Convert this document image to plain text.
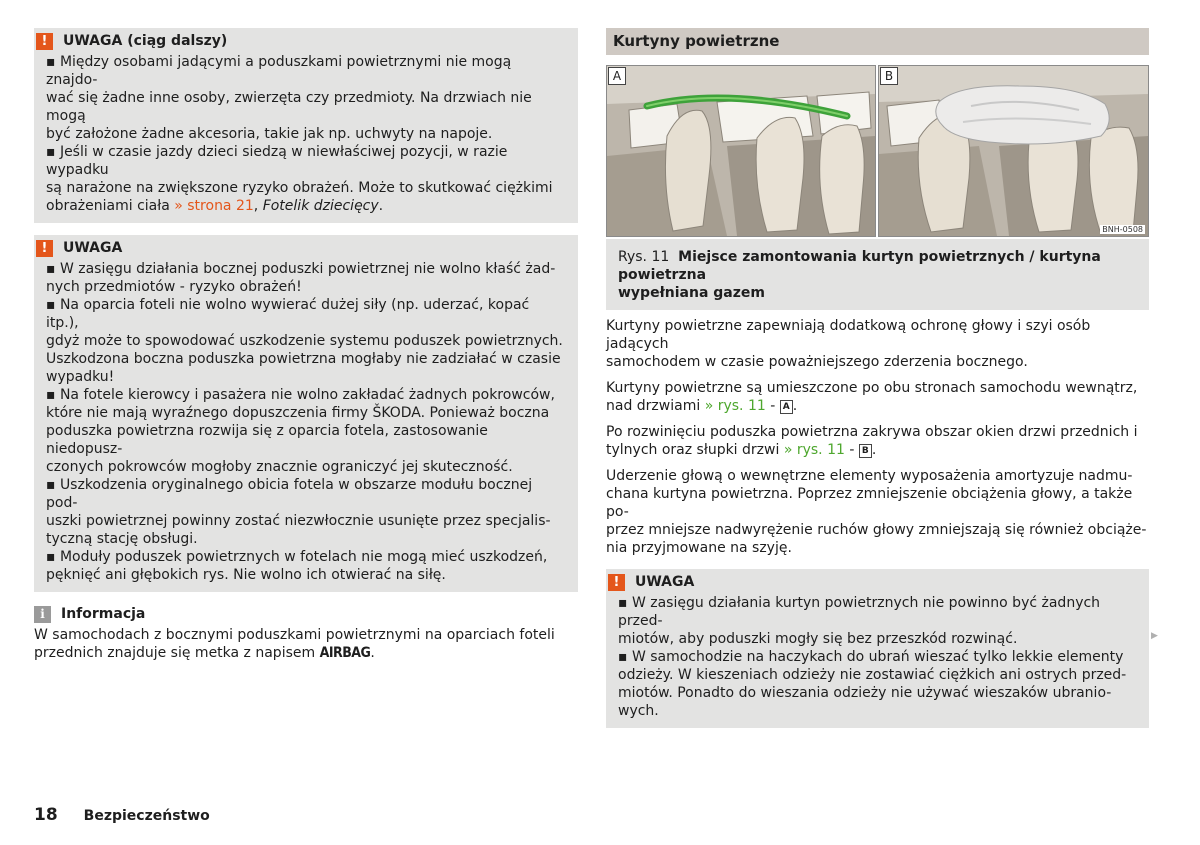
!	UWAGA (ciąg dalszy)

▪ Między osobami jadącymi a poduszkami powietrznymi nie mogą znajdo-

wać się żadne inne osoby, zwierzęta czy przedmioty. Na drzwiach nie mogą

być założone żadne akcesoria, takie jak np. uchwyty na napoje.

▪ Jeśli w czasie jazdy dzieci siedzą w niewłaściwej pozycji, w razie wypadku

są narażone na zwiększone ryzyko obrażeń. Może to skutkować ciężkimi

obrażeniami ciała » strona 21, Fotelik dziecięcy.

!	UWAGA

▪ W zasięgu działania bocznej poduszki powietrznej nie wolno kłaść żad-

nych przedmiotów - ryzyko obrażeń!

▪ Na oparcia foteli nie wolno wywierać dużej siły (np. uderzać, kopać itp.),

gdyż może to spowodować uszkodzenie systemu poduszek powietrznych.

Uszkodzona boczna poduszka powietrzna mogłaby nie zadziałać w czasie

wypadku!

▪ Na fotele kierowcy i pasażera nie wolno zakładać żadnych pokrowców,

które nie mają wyraźnego dopuszczenia firmy ŠKODA. Ponieważ boczna

poduszka powietrzna rozwija się z oparcia fotela, zastosowanie niedopusz-

czonych pokrowców mogłoby znacznie ograniczyć jej skuteczność.

▪ Uszkodzenia oryginalnego obicia fotela w obszarze modułu bocznej pod-

uszki powietrznej powinny zostać niezwłocznie usunięte przez specjalis-

tyczną stację obsługi.

▪ Moduły poduszek powietrznych w fotelach nie mogą mieć uszkodzeń,

pęknięć ani głębokich rys. Nie wolno ich otwierać na siłę.

i	Informacja

W samochodach z bocznymi poduszkami powietrznymi na oparciach foteli

przednich znajduje się metka z napisem AIRBAG.

Kurtyny powietrzne
A	B
BNH-0508
Rys. 11 Miejsce zamontowania kurtyn powietrznych / kurtyna powietrzna
wypełniana gazem

Kurtyny powietrzne zapewniają dodatkową ochronę głowy i szyi osób jadących
samochodem w czasie poważniejszego zderzenia bocznego.

Kurtyny powietrzne są umieszczone po obu stronach samochodu wewnątrz,
nad drzwiami » rys. 11 - A .

Po rozwinięciu poduszka powietrzna zakrywa obszar okien drzwi przednich i
tylnych oraz słupki drzwi » rys. 11 - B .

Uderzenie głową o wewnętrzne elementy wyposażenia amortyzuje nadmu-
chana kurtyna powietrzna. Poprzez zmniejszenie obciążenia głowy, a także po-
przez mniejsze nadwyrężenie ruchów głowy zmniejszają się również obciąże-
nia przyjmowane na szyję.

!	UWAGA

▪ W zasięgu działania kurtyn powietrznych nie powinno być żadnych przed-

miotów, aby poduszki mogły się bez przeszkód rozwinąć.

▪ W samochodzie na haczykach do ubrań wieszać tylko lekkie elementy

odzieży. W kieszeniach odzieży nie zostawiać ciężkich ani ostrych przed-

miotów. Ponadto do wieszania odzieży nie używać wieszaków ubranio-

wych.

▶
18 Bezpieczeństwo
